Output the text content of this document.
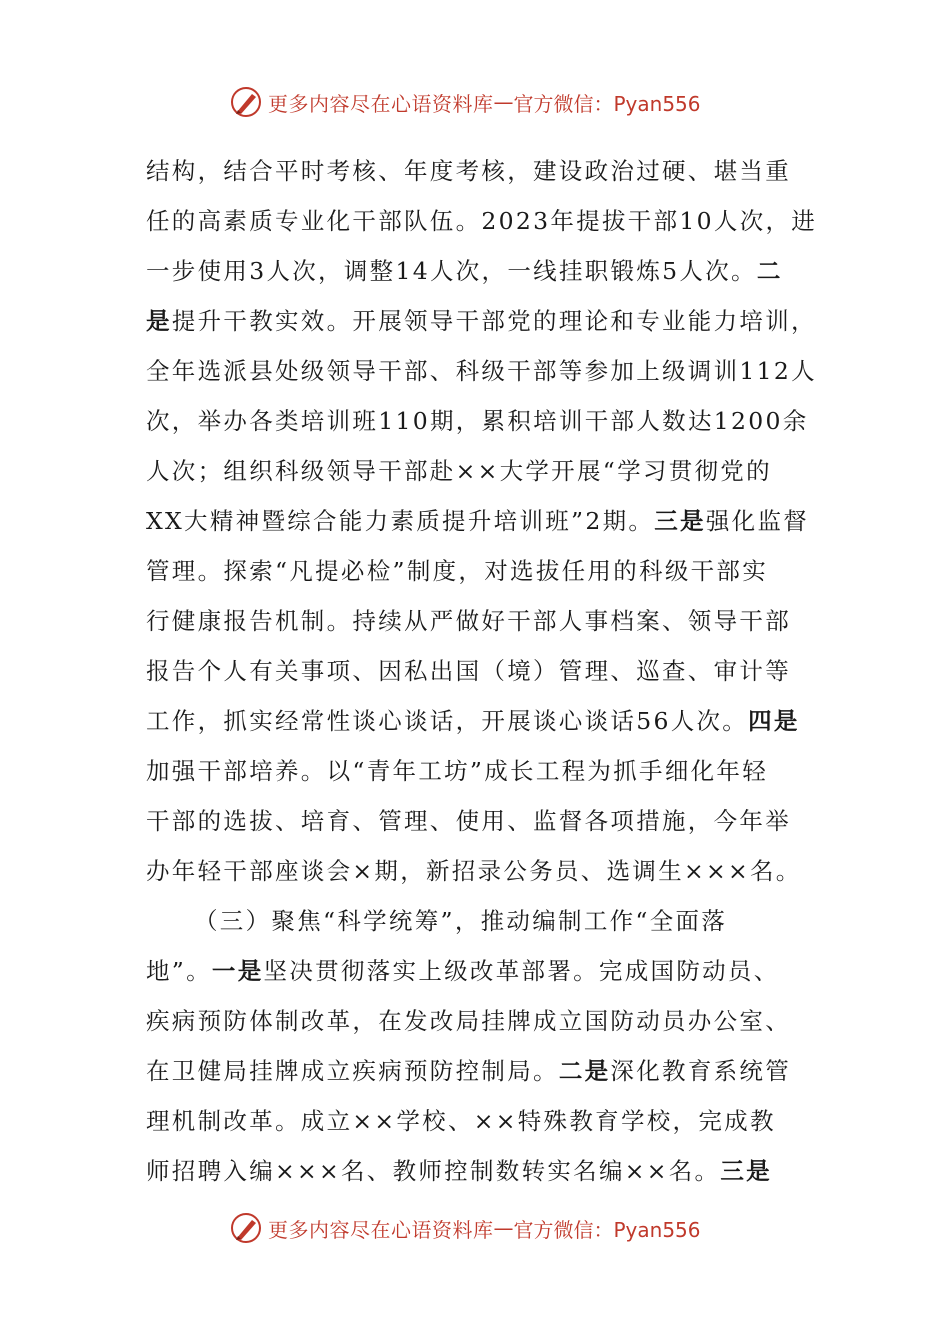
更多内容尽在心语资料库 — 官方微信：Pyan556
结构，结合平时考核、年度考核，建设政治过硬、堪当重
任的高素质专业化干部队伍。2023年提拔干部10人次，进
一步使用3人次，调整14人次，一线挂职锻炼5人次。二
是提升干教实效。开展领导干部党的理论和专业能力培训，
全年选派县处级领导干部、科级干部等参加上级调训112人
次，举办各类培训班110期，累积培训干部人数达1200余
人次；组织科级领导干部赴××大学开展“学习贯彻党的
XX大精神暨综合能力素质提升培训班”2期。三是强化监督
管理。探索“凡提必检”制度，对选拔任用的科级干部实
行健康报告机制。持续从严做好干部人事档案、领导干部
报告个人有关事项、因私出国（境）管理、巡查、审计等
工作，抓实经常性谈心谈话，开展谈心谈话56人次。四是
加强干部培养。以“青年工坊”成长工程为抓手细化年轻
干部的选拔、培育、管理、使用、监督各项措施，今年举
办年轻干部座谈会×期，新招录公务员、选调生×××名。
（三）聚焦“科学统筹”，推动编制工作“全面落
地”。一是坚决贯彻落实上级改革部署。完成国防动员、
疾病预防体制改革，在发改局挂牌成立国防动员办公室、
在卫健局挂牌成立疾病预防控制局。二是深化教育系统管
理机制改革。成立××学校、××特殊教育学校，完成教
师招聘入编×××名、教师控制数转实名编××名。三是
更多内容尽在心语资料库 — 官方微信：Pyan556
